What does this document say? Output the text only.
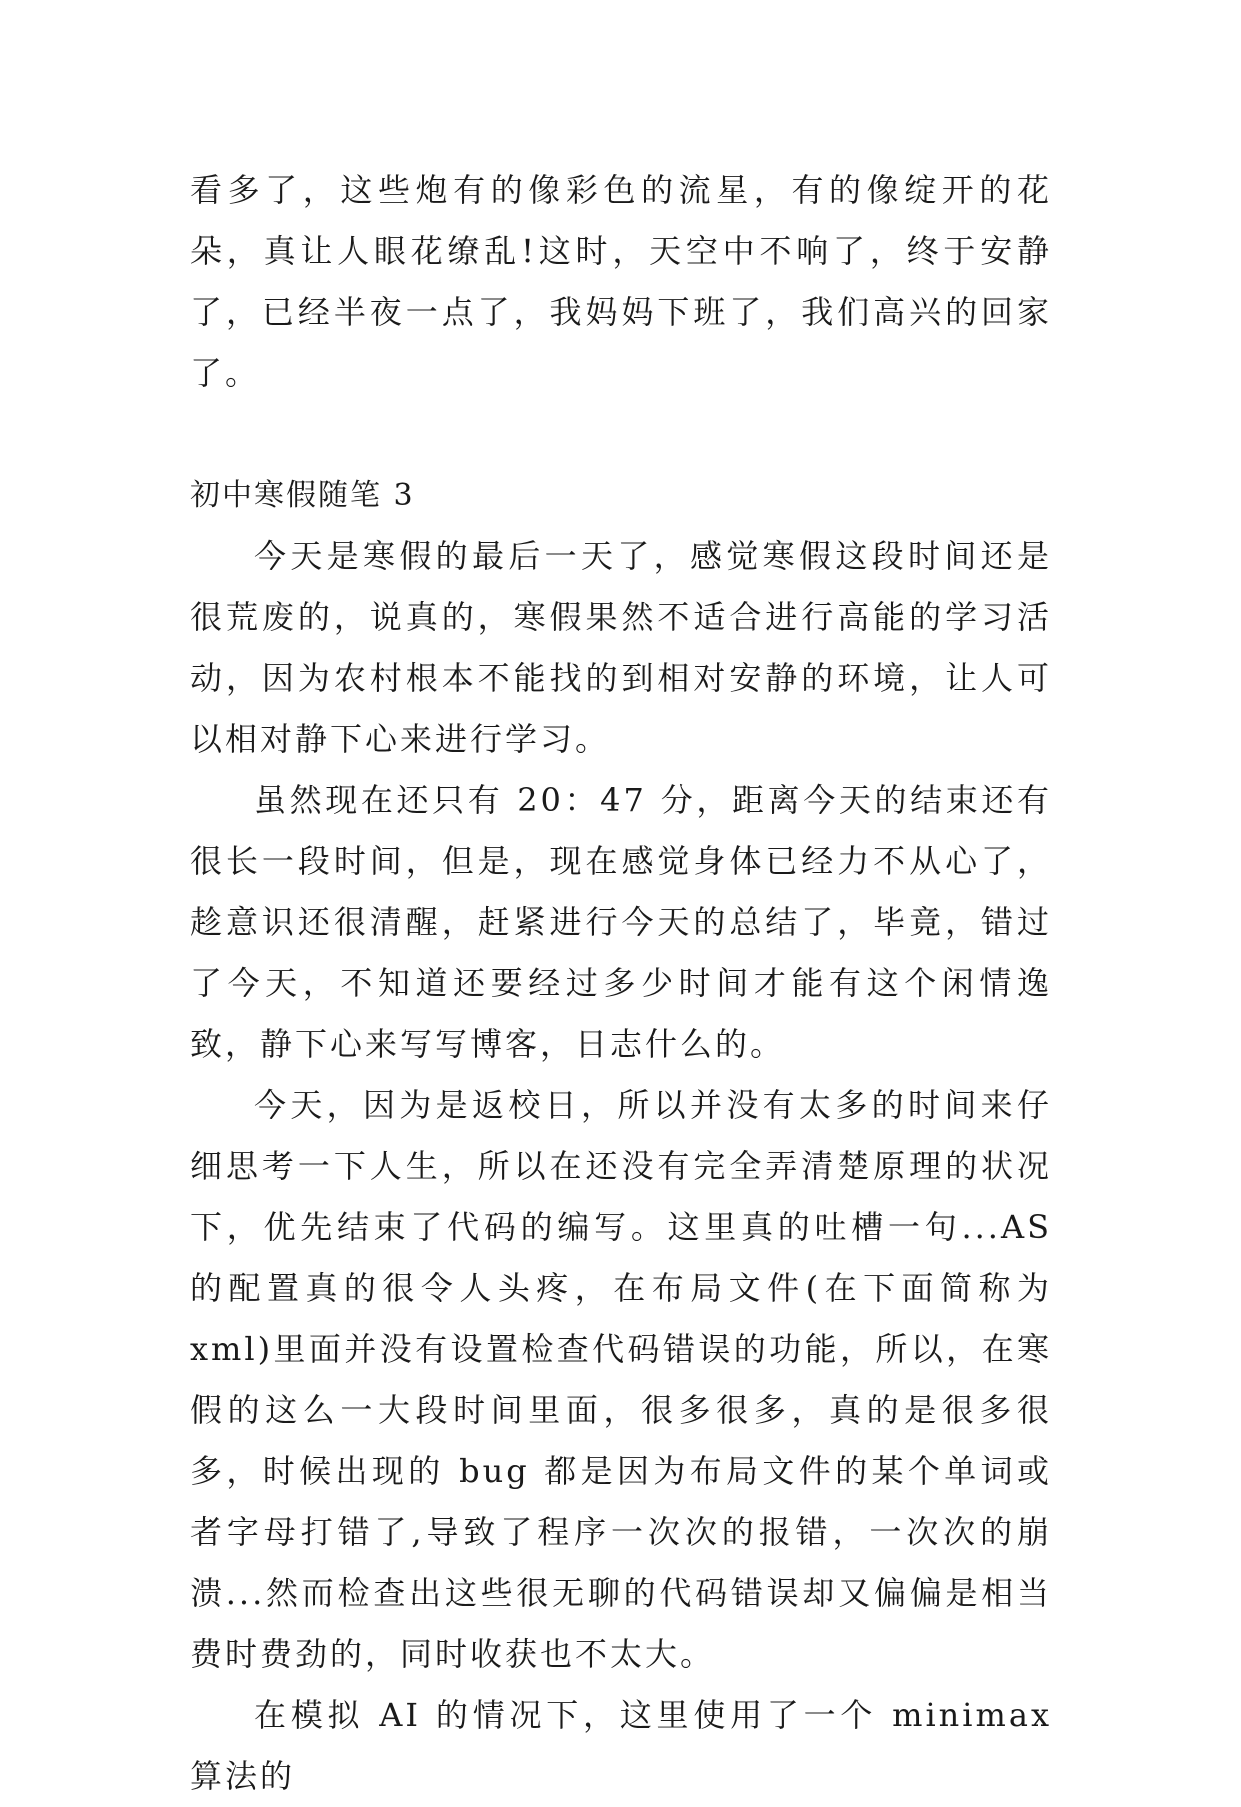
看多了，这些炮有的像彩色的流星，有的像绽开的花朵，真让人眼花缭乱!这时，天空中不响了，终于安静了，已经半夜一点了，我妈妈下班了，我们高兴的回家了。

初中寒假随笔 3

今天是寒假的最后一天了，感觉寒假这段时间还是很荒废的，说真的，寒假果然不适合进行高能的学习活动，因为农村根本不能找的到相对安静的环境，让人可以相对静下心来进行学习。

虽然现在还只有 20：47 分，距离今天的结束还有很长一段时间，但是，现在感觉身体已经力不从心了，趁意识还很清醒，赶紧进行今天的总结了，毕竟，错过了今天，不知道还要经过多少时间才能有这个闲情逸致，静下心来写写博客，日志什么的。

今天，因为是返校日，所以并没有太多的时间来仔细思考一下人生，所以在还没有完全弄清楚原理的状况下，优先结束了代码的编写。这里真的吐槽一句...AS 的配置真的很令人头疼，在布局文件(在下面简称为 xml)里面并没有设置检查代码错误的功能，所以，在寒假的这么一大段时间里面，很多很多，真的是很多很多，时候出现的 bug 都是因为布局文件的某个单词或者字母打错了,导致了程序一次次的报错，一次次的崩溃...然而检查出这些很无聊的代码错误却又偏偏是相当费时费劲的，同时收获也不太大。

在模拟 AI 的情况下，这里使用了一个 minimax 算法的
